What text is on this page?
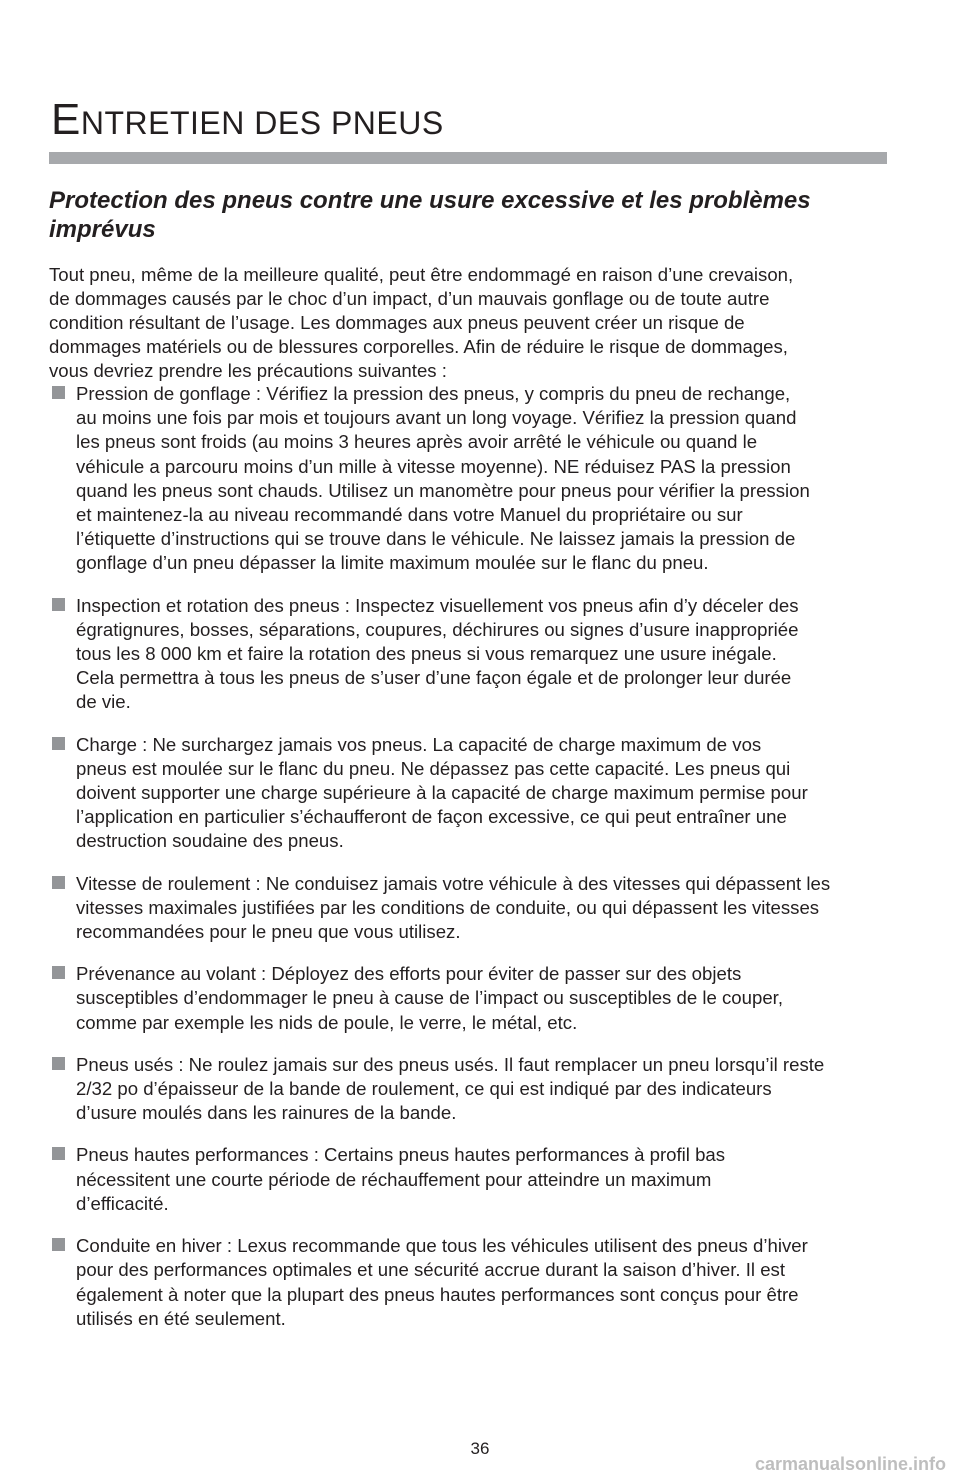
ENTRETIEN DES PNEUS
Protection des pneus contre une usure excessive et les problèmes imprévus

Tout pneu, même de la meilleure qualité, peut être endommagé en raison d’une crevaison,
de dommages causés par le choc d’un impact, d’un mauvais gonflage ou de toute autre
condition résultant de l’usage. Les dommages aux pneus peuvent créer un risque de
dommages matériels ou de blessures corporelles. Afin de réduire le risque de dommages,
vous devriez prendre les précautions suivantes :

Pression de gonflage : Vérifiez la pression des pneus, y compris du pneu de rechange,
au moins une fois par mois et toujours avant un long voyage. Vérifiez la pression quand
les pneus sont froids (au moins 3 heures après avoir arrêté le véhicule ou quand le
véhicule a parcouru moins d’un mille à vitesse moyenne). NE réduisez PAS la pression
quand les pneus sont chauds. Utilisez un manomètre pour pneus pour vérifier la pression
et maintenez-la au niveau recommandé dans votre Manuel du propriétaire ou sur
l’étiquette d’instructions qui se trouve dans le véhicule. Ne laissez jamais la pression de
gonflage d’un pneu dépasser la limite maximum moulée sur le flanc du pneu.
Inspection et rotation des pneus : Inspectez visuellement vos pneus afin d’y déceler des
égratignures, bosses, séparations, coupures, déchirures ou signes d’usure inappropriée
tous les 8 000 km et faire la rotation des pneus si vous remarquez une usure inégale.
Cela permettra à tous les pneus de s’user d’une façon égale et de prolonger leur durée
de vie.
Charge : Ne surchargez jamais vos pneus. La capacité de charge maximum de vos
pneus est moulée sur le flanc du pneu. Ne dépassez pas cette capacité. Les pneus qui
doivent supporter une charge supérieure à la capacité de charge maximum permise pour
l’application en particulier s’échaufferont de façon excessive, ce qui peut entraîner une
destruction soudaine des pneus.
Vitesse de roulement : Ne conduisez jamais votre véhicule à des vitesses qui dépassent les
vitesses maximales justifiées par les conditions de conduite, ou qui dépassent les vitesses
recommandées pour le pneu que vous utilisez.
Prévenance au volant : Déployez des efforts pour éviter de passer sur des objets
susceptibles d’endommager le pneu à cause de l’impact ou susceptibles de le couper,
comme par exemple les nids de poule, le verre, le métal, etc.
Pneus usés : Ne roulez jamais sur des pneus usés. Il faut remplacer un pneu lorsqu’il reste
2/32 po d’épaisseur de la bande de roulement, ce qui est indiqué par des indicateurs
d’usure moulés dans les rainures de la bande.
Pneus hautes performances : Certains pneus hautes performances à profil bas
nécessitent une courte période de réchauffement pour atteindre un maximum
d’efficacité.
Conduite en hiver : Lexus recommande que tous les véhicules utilisent des pneus d’hiver
pour des performances optimales et une sécurité accrue durant la saison d’hiver. Il est
également à noter que la plupart des pneus hautes performances sont conçus pour être
utilisés en été seulement.
36
carmanualsonline.info
